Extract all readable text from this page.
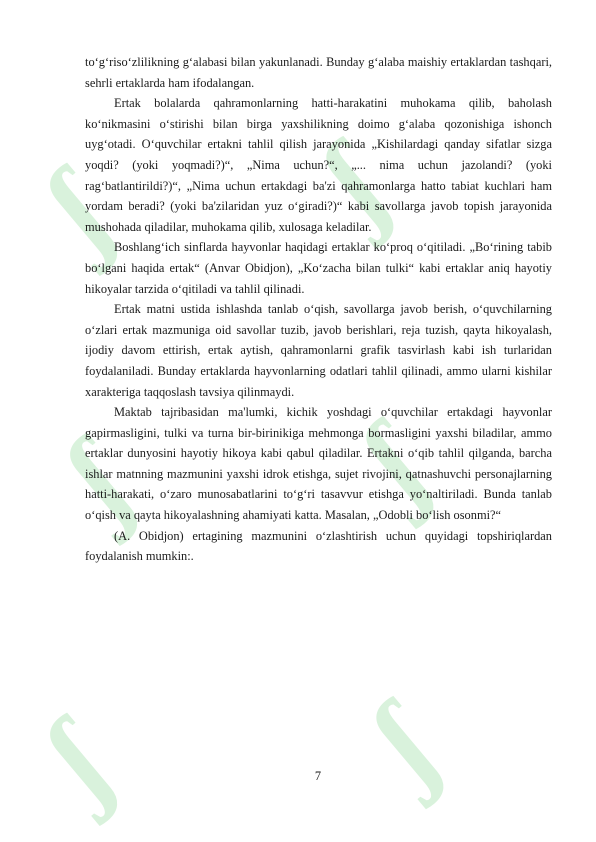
ʃ ʃ
ʃ ʃ
ʃ ʃ

to‘g‘riso‘zlilikning g‘alabasi bilan yakunlanadi. Bunday g‘alaba maishiy ertaklardan tashqari, sehrli ertaklarda ham ifodalangan.

Ertak bolalarda qahramonlarning hatti-harakatini muhokama qilib, baholash ko‘nikmasini o‘stirishi bilan birga yaxshilikning doimo g‘alaba qozonishiga ishonch uyg‘otadi. O‘quvchilar ertakni tahlil qilish jarayonida „Kishilardagi qanday sifatlar sizga yoqdi? (yoki yoqmadi?)“, „Nima uchun?“, „... nima uchun jazolandi? (yoki rag‘batlantirildi?)“, „Nima uchun ertakdagi ba'zi qahramonlarga hatto tabiat kuchlari ham yordam beradi? (yoki ba'zilaridan yuz o‘giradi?)“ kabi savollarga javob topish jarayonida mushohada qiladilar, muhokama qilib, xulosaga keladilar.

Boshlang‘ich sinflarda hayvonlar haqidagi ertaklar ko‘proq o‘qitiladi. „Bo‘rining tabib bo‘lgani haqida ertak“ (Anvar Obidjon), „Ko‘zacha bilan tulki“ kabi ertaklar aniq hayotiy hikoyalar tarzida o‘qitiladi va tahlil qilinadi.

Ertak matni ustida ishlashda tanlab o‘qish, savollarga javob berish, o‘quvchilarning o‘zlari ertak mazmuniga oid savollar tuzib, javob berishlari, reja tuzish, qayta hikoyalash, ijodiy davom ettirish, ertak aytish, qahramonlarni grafik tasvirlash kabi ish turlaridan foydalaniladi. Bunday ertaklarda hayvonlarning odatlari tahlil qilinadi, ammo ularni kishilar xarakteriga taqqoslash tavsiya qilinmaydi.

Maktab tajribasidan ma'lumki, kichik yoshdagi o‘quvchilar ertakdagi hayvonlar gapirmasligini, tulki va turna bir-birinikiga mehmonga bormasligini yaxshi biladilar, ammo ertaklar dunyosini hayotiy hikoya kabi qabul qiladilar. Ertakni o‘qib tahlil qilganda, barcha ishlar matnning mazmunini yaxshi idrok etishga, sujet rivojini, qatnashuvchi personajlarning hatti-harakati, o‘zaro munosabatlarini to‘g‘ri tasavvur etishga yo‘naltiriladi. Bunda tanlab o‘qish va qayta hikoyalashning ahamiyati katta. Masalan, „Odobli bo‘lish osonmi?“

(A. Obidjon) ertagining mazmunini o‘zlashtirish uchun quyidagi topshiriqlardan foydalanish mumkin:.

7
